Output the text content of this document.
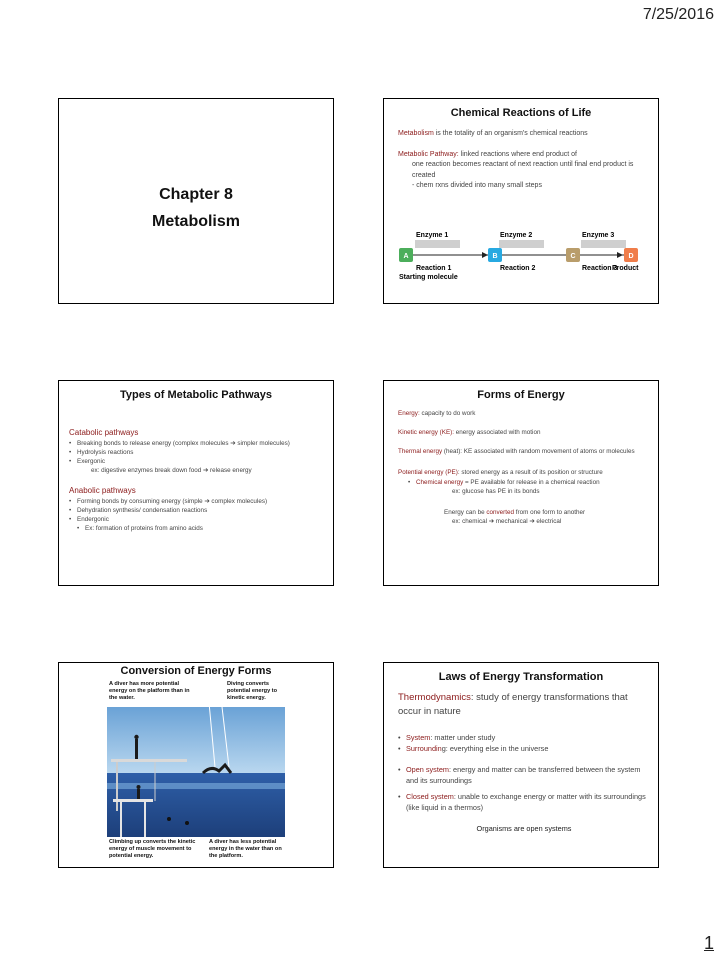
7/25/2016
Chapter 8
Metabolism
Chemical Reactions of Life

Metabolism is the totality of an organism's chemical reactions

Metabolic Pathway: linked reactions where end product of

one reaction becomes reactant of next reaction until final end product is created
- chem rxns divided into many small steps
Enzyme 1	Enzyme 2	Enzyme 3
A	B	C	D
Reaction 1	Reaction 2	Reaction 3
Starting molecule
Product
Types of Metabolic Pathways
Catabolic pathways
• Breaking bonds to release energy (complex molecules ➔ simpler molecules)
• Hydrolysis reactions
• Exergonic
ex: digestive enzymes break down food ➔ release energy
Anabolic pathways
• Forming bonds by consuming energy (simple ➔ complex molecules)
• Dehydration synthesis/ condensation reactions
• Endergonic
• Ex: formation of proteins from amino acids
Forms of Energy
Energy: capacity to do work
Kinetic energy (KE): energy associated with motion
Thermal energy (heat): KE associated with random movement of atoms or molecules
Potential energy (PE): stored energy as a result of its position or structure
• Chemical energy = PE available for release in a chemical reaction
ex: glucose has PE in its bonds
Energy can be converted from one form to another
ex: chemical ➔ mechanical ➔ electrical
Conversion of Energy Forms
A diver has more potential energy on the platform than in the water.
Diving converts potential energy to kinetic energy.
Climbing up converts the kinetic energy of muscle movement to potential energy.
A diver has less potential energy in the water than on the platform.
Laws of Energy Transformation
Thermodynamics: study of energy transformations that occur in nature
• System: matter under study
• Surrounding: everything else in the universe
• Open system: energy and matter can be transferred between the system and its surroundings
• Closed system: unable to exchange energy or matter with its surroundings (like liquid in a thermos)
Organisms are open systems
1
